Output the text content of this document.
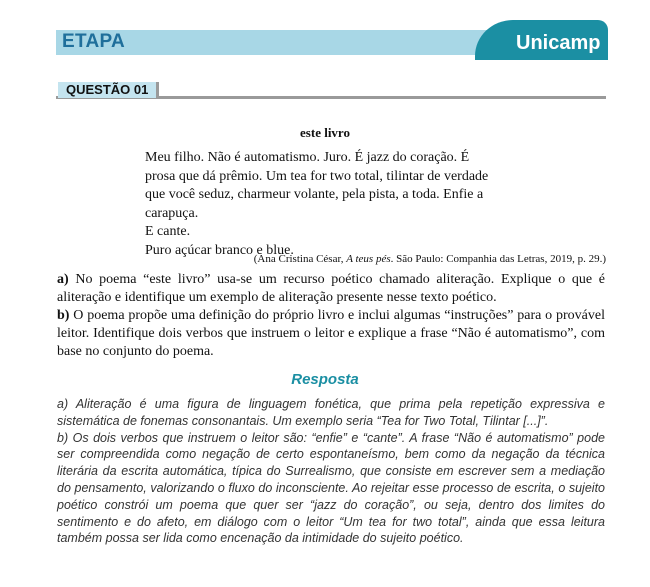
ETAPA	Unicamp
QUESTÃO 01
este livro
Meu filho. Não é automatismo. Juro. É jazz do coração. É
prosa que dá prêmio. Um tea for two total, tilintar de verdade
que você seduz, charmeur volante, pela pista, a toda. Enfie a
carapuça.
E cante.
Puro açúcar branco e blue.
(Ana Cristina César, A teus pés. São Paulo: Companhia das Letras, 2019, p. 29.)

a) No poema “este livro” usa-se um recurso poético chamado aliteração. Explique o que é aliteração e identifique um exemplo de aliteração presente nesse texto poético.

b) O poema propõe uma definição do próprio livro e inclui algumas “instruções” para o provável leitor. Identifique dois verbos que instruem o leitor e explique a frase “Não é automatismo”, com base no conjunto do poema.

Resposta

a) Aliteração é uma figura de linguagem fonética, que prima pela repetição expressiva e sistemática de fonemas consonantais. Um exemplo seria “Tea for Two Total, Tilintar [...]”.

b) Os dois verbos que instruem o leitor são: “enfie” e “cante”. A frase “Não é automatismo” pode ser compreendida como negação de certo espontaneísmo, bem como da negação da técnica literária da escrita automática, típica do Surrealismo, que consiste em escrever sem a mediação do pensamento, valorizando o fluxo do inconsciente. Ao rejeitar esse processo de escrita, o sujeito poético constrói um poema que quer ser “jazz do coração”, ou seja, dentro dos limites do sentimento e do afeto, em diálogo com o leitor “Um tea for two total”, ainda que essa leitura também possa ser lida como encenação da intimidade do sujeito poético.
